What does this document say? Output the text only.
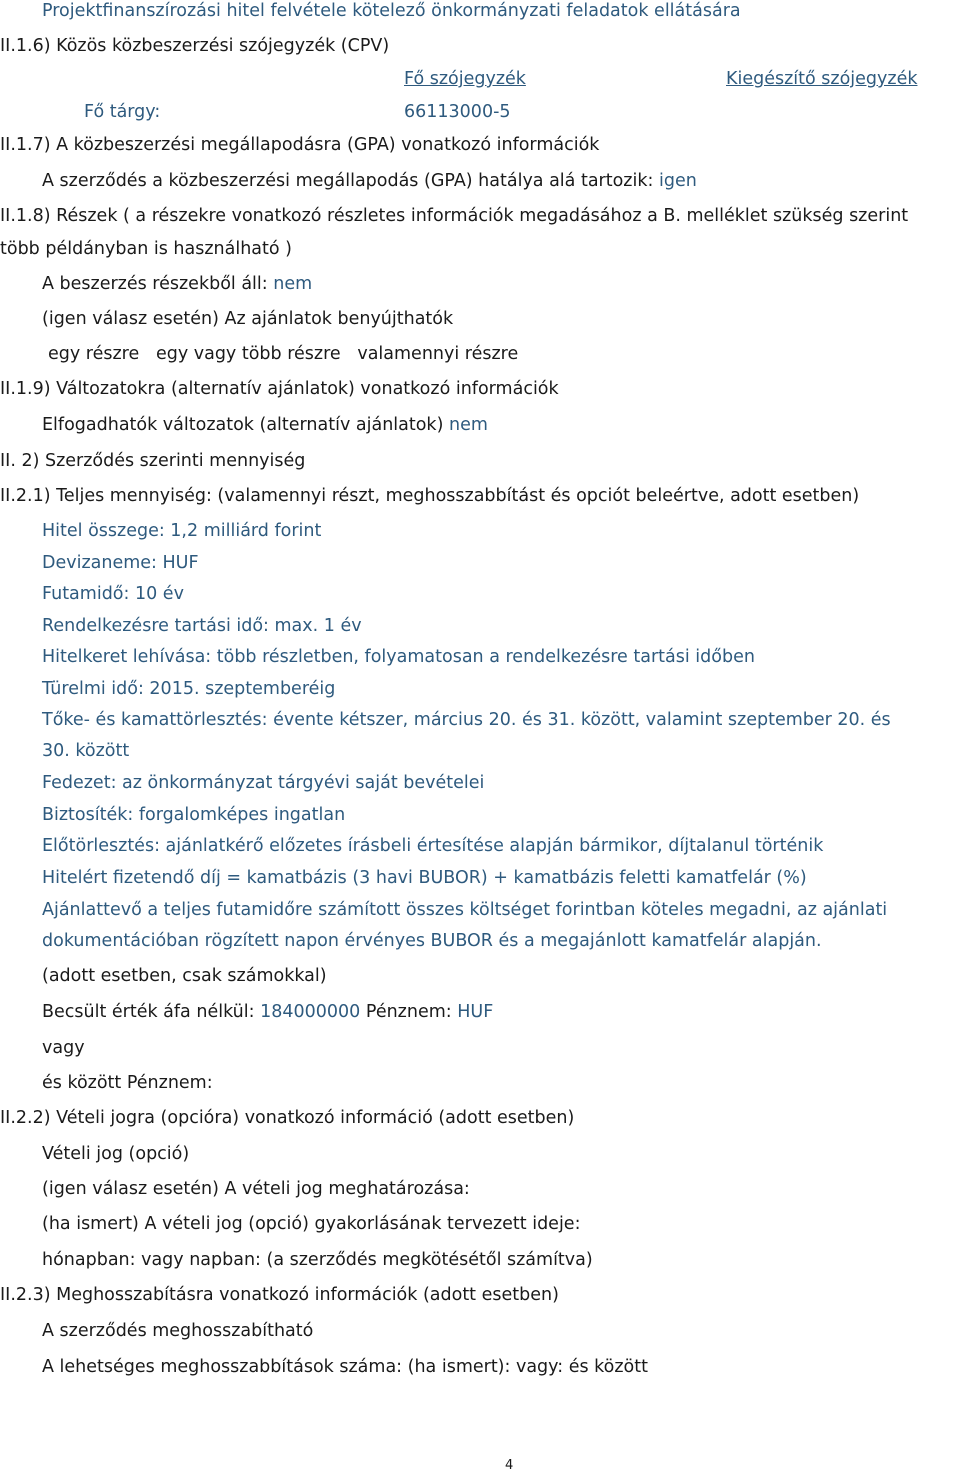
Projektfinanszírozási hitel felvétele kötelező önkormányzati feladatok ellátására
II.1.6) Közös közbeszerzési szójegyzék (CPV)
Fő szójegyzék	Kiegészítő szójegyzék
Fő tárgy:	66113000-5
II.1.7) A közbeszerzési megállapodásra (GPA) vonatkozó információk
A szerződés a közbeszerzési megállapodás (GPA) hatálya alá tartozik: igen
II.1.8) Részek ( a részekre vonatkozó részletes információk megadásához a B. melléklet szükség szerint
több példányban is használható )
A beszerzés részekből áll: nem
(igen válasz esetén) Az ajánlatok benyújthatók
egy részre   egy vagy több részre   valamennyi részre
II.1.9) Változatokra (alternatív ajánlatok) vonatkozó információk
Elfogadhatók változatok (alternatív ajánlatok) nem
II. 2) Szerződés szerinti mennyiség
II.2.1) Teljes mennyiség: (valamennyi részt, meghosszabbítást és opciót beleértve, adott esetben)
Hitel összege: 1,2 milliárd forint
Devizaneme: HUF
Futamidő: 10 év
Rendelkezésre tartási idő: max. 1 év
Hitelkeret lehívása: több részletben, folyamatosan a rendelkezésre tartási időben
Türelmi idő: 2015. szeptemberéig
Tőke- és kamattörlesztés: évente kétszer, március 20. és 31. között, valamint szeptember 20. és
30. között
Fedezet: az önkormányzat tárgyévi saját bevételei
Biztosíték: forgalomképes ingatlan
Előtörlesztés: ajánlatkérő előzetes írásbeli értesítése alapján bármikor, díjtalanul történik
Hitelért fizetendő díj = kamatbázis (3 havi BUBOR) + kamatbázis feletti kamatfelár (%)
Ajánlattevő a teljes futamidőre számított összes költséget forintban köteles megadni, az ajánlati
dokumentációban rögzített napon érvényes BUBOR és a megajánlott kamatfelár alapján.
(adott esetben, csak számokkal)
Becsült érték áfa nélkül: 184000000 Pénznem: HUF
vagy
és között Pénznem:
II.2.2) Vételi jogra (opcióra) vonatkozó információ (adott esetben)
Vételi jog (opció)
(igen válasz esetén) A vételi jog meghatározása:
(ha ismert) A vételi jog (opció) gyakorlásának tervezett ideje:
hónapban: vagy napban: (a szerződés megkötésétől számítva)
II.2.3) Meghosszabításra vonatkozó információk (adott esetben)
A szerződés meghosszabítható
A lehetséges meghosszabbítások száma: (ha ismert): vagy: és között
4
